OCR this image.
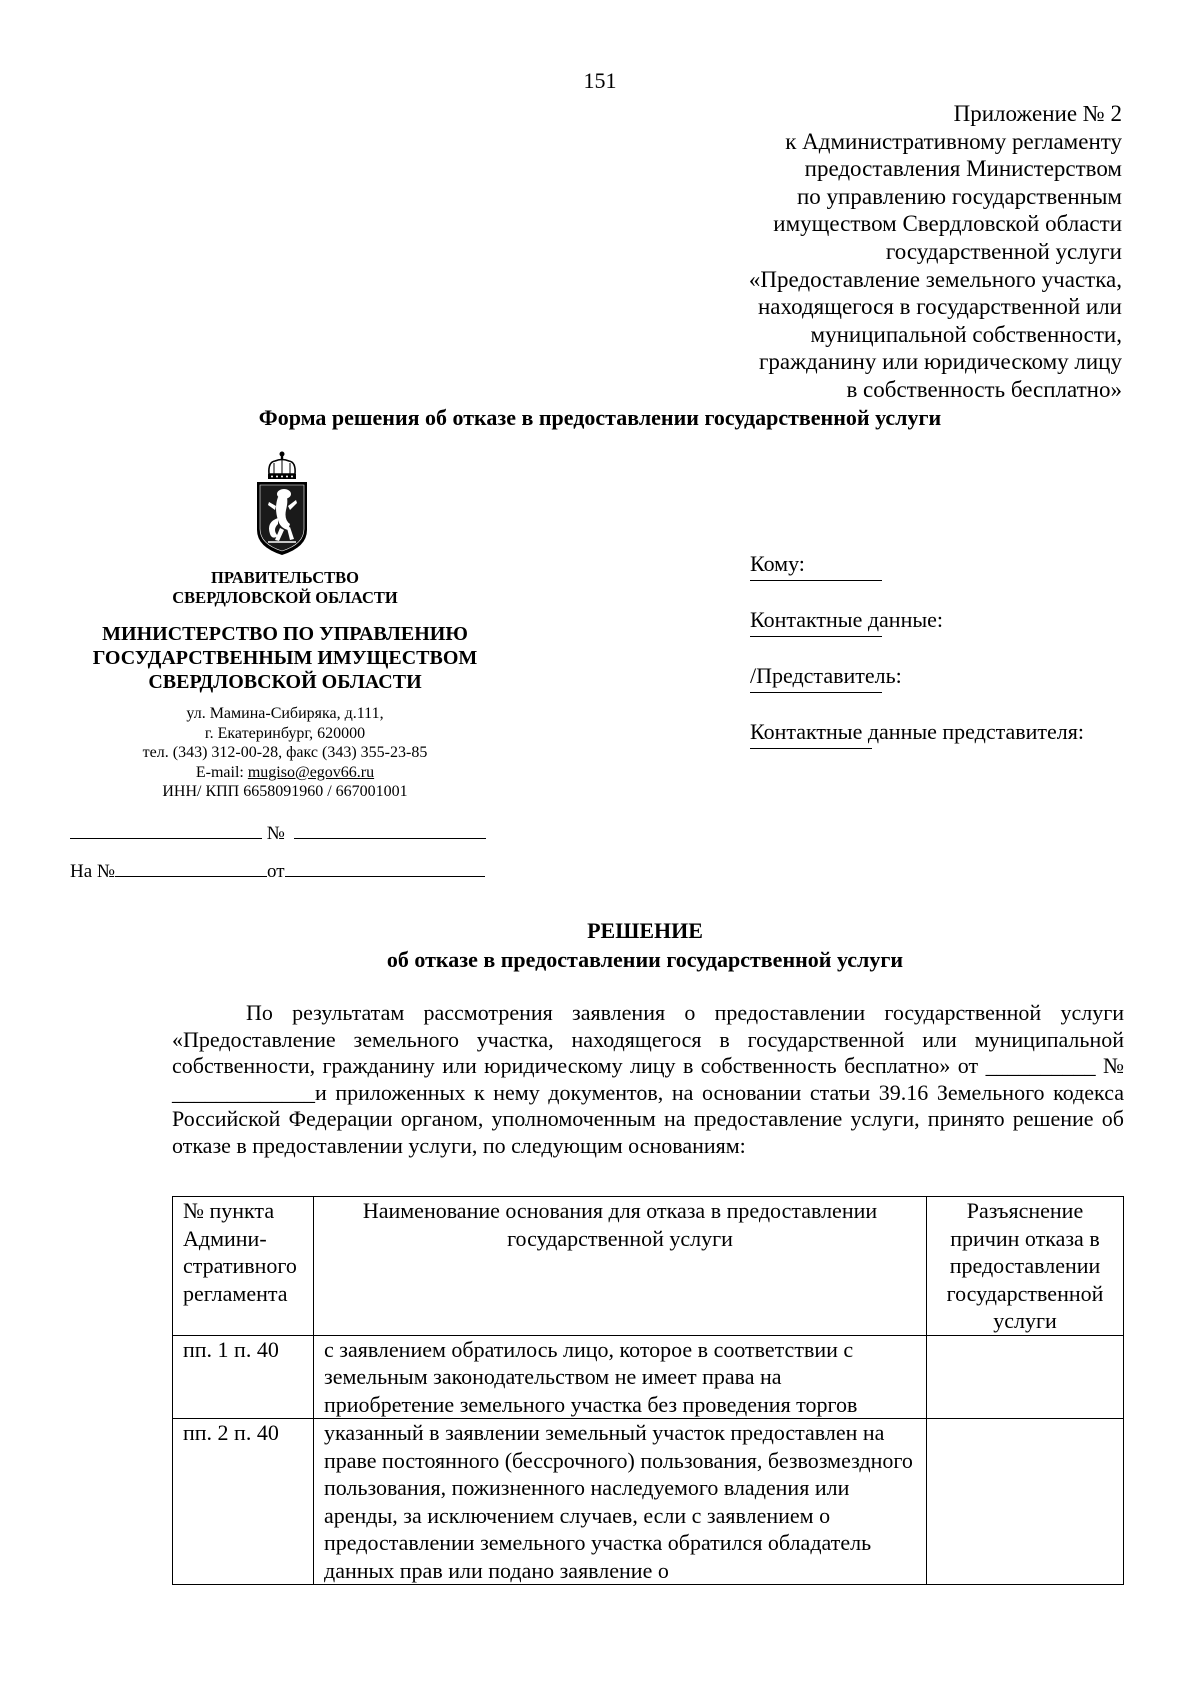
151
Приложение № 2
к Административному регламенту
предоставления Министерством
по управлению государственным
имуществом Свердловской области
государственной услуги
«Предоставление земельного участка,
находящегося в государственной или
муниципальной собственности,
гражданину или юридическому лицу
в собственность бесплатно»
Форма решения об отказе в предоставлении государственной услуги
ПРАВИТЕЛЬСТВО
СВЕРДЛОВСКОЙ ОБЛАСТИ
МИНИСТЕРСТВО ПО УПРАВЛЕНИЮ
ГОСУДАРСТВЕННЫМ ИМУЩЕСТВОМ
СВЕРДЛОВСКОЙ ОБЛАСТИ
ул. Мамина-Сибиряка, д.111,
г. Екатеринбург, 620000
тел. (343) 312-00-28, факс (343) 355-23-85
E-mail: mugiso@egov66.ru
ИНН/ КПП 6658091960 / 667001001
№
На №	от
Кому:
Контактные данные:
/Представитель:
Контактные данные представителя:
РЕШЕНИЕ
об отказе в предоставлении государственной услуги

По результатам рассмотрения заявления о предоставлении государственной услуги «Предоставление земельного участка, находящегося в государственной или муниципальной собственности, гражданину или юридическому лицу в собственность бесплатно» от __________ № _____________и приложенных к нему документов, на основании статьи 39.16 Земельного кодекса Российской Федерации органом, уполномоченным на предоставление услуги, принято решение об отказе в предоставлении услуги, по следующим основаниям:

№ пункта Админи- стративного регламента	Наименование основания для отказа в предоставлении государственной услуги	Разъяснение причин отказа в предоставлении государственной услуги
пп. 1 п. 40	с заявлением обратилось лицо, которое в соответствии с земельным законодательством не имеет права на приобретение земельного участка без проведения торгов	
пп. 2 п. 40	указанный в заявлении земельный участок предоставлен на праве постоянного (бессрочного) пользования, безвозмездного пользования, пожизненного наследуемого владения или аренды, за исключением случаев, если с заявлением о предоставлении земельного участка обратился обладатель данных прав или подано заявление о	
